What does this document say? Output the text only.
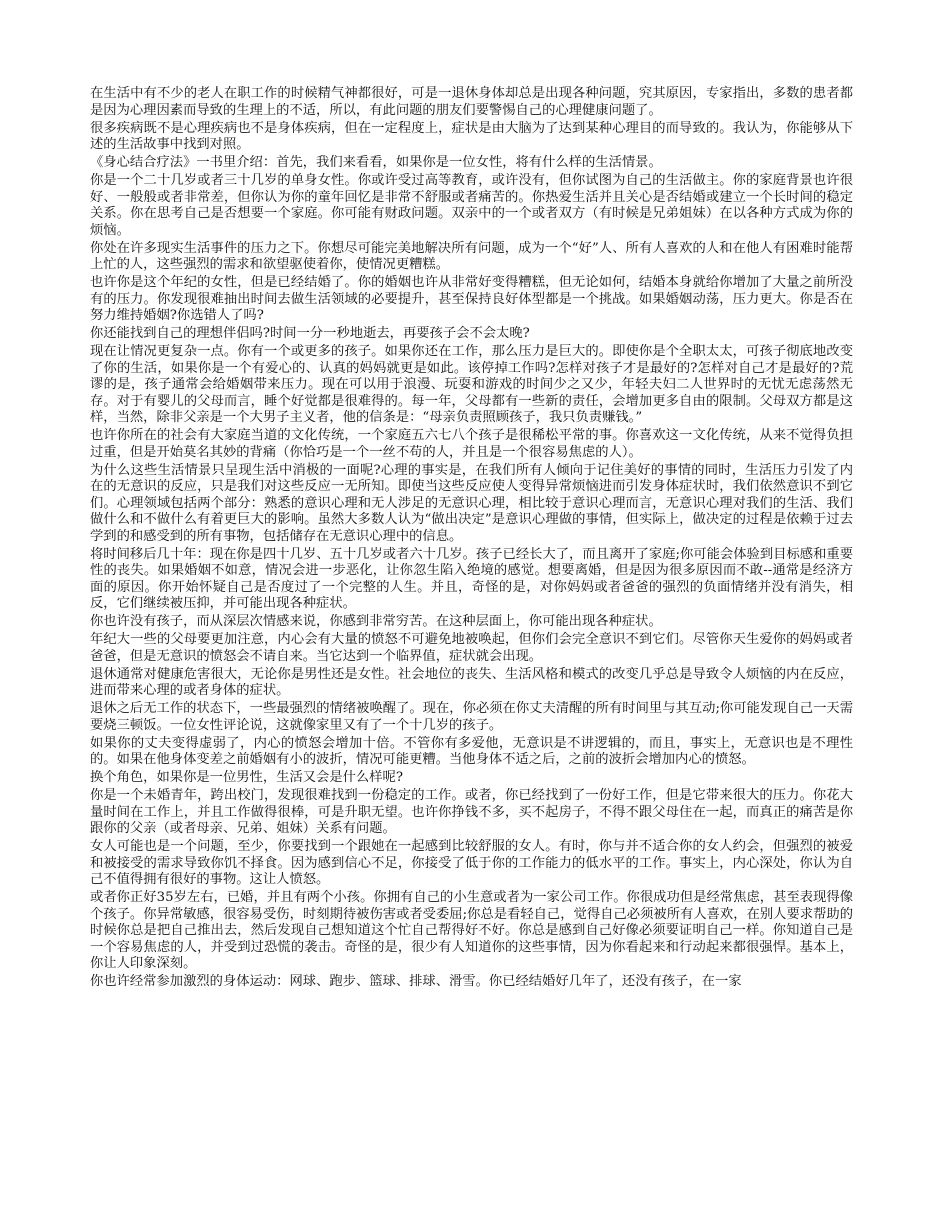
在生活中有不少的老人在职工作的时候精气神都很好，可是一退休身体却总是出现各种问题，究其原因，专家指出，多数的患者都是因为心理因素而导致的生理上的不适，所以，有此问题的朋友们要警惕自己的心理健康问题了。

很多疾病既不是心理疾病也不是身体疾病，但在一定程度上，症状是由大脑为了达到某种心理目的而导致的。我认为，你能够从下述的生活故事中找到对照。

《身心结合疗法》一书里介绍：首先，我们来看看，如果你是一位女性，将有什么样的生活情景。

你是一个二十几岁或者三十几岁的单身女性。你或许受过高等教育，或许没有，但你试图为自己的生活做主。你的家庭背景也许很好、一般般或者非常差，但你认为你的童年回忆是非常不舒服或者痛苦的。你热爱生活并且关心是否结婚或建立一个长时间的稳定关系。你在思考自己是否想要一个家庭。你可能有财政问题。双亲中的一个或者双方（有时候是兄弟姐妹）在以各种方式成为你的烦恼。

你处在许多现实生活事件的压力之下。你想尽可能完美地解决所有问题，成为一个“好”人、所有人喜欢的人和在他人有困难时能帮上忙的人，这些强烈的需求和欲望驱使着你，使情况更糟糕。

也许你是这个年纪的女性，但是已经结婚了。你的婚姻也许从非常好变得糟糕，但无论如何，结婚本身就给你增加了大量之前所没有的压力。你发现很难抽出时间去做生活领域的必要提升，甚至保持良好体型都是一个挑战。如果婚姻动荡，压力更大。你是否在努力维持婚姻?你选错人了吗?

你还能找到自己的理想伴侣吗?时间一分一秒地逝去，再要孩子会不会太晚?

现在让情况更复杂一点。你有一个或更多的孩子。如果你还在工作，那么压力是巨大的。即使你是个全职太太，可孩子彻底地改变了你的生活，如果你是一个有爱心的、认真的妈妈就更是如此。该停掉工作吗?怎样对孩子才是最好的?怎样对自己才是最好的?荒谬的是，孩子通常会给婚姻带来压力。现在可以用于浪漫、玩耍和游戏的时间少之又少，年轻夫妇二人世界时的无忧无虑荡然无存。对于有婴儿的父母而言，睡个好觉都是很难得的。每一年，父母都有一些新的责任，会增加更多自由的限制。父母双方都是这样，当然，除非父亲是一个大男子主义者，他的信条是：“母亲负责照顾孩子，我只负责赚钱。”

也许你所在的社会有大家庭当道的文化传统，一个家庭五六七八个孩子是很稀松平常的事。你喜欢这一文化传统，从来不觉得负担过重，但是开始莫名其妙的背痛（你恰巧是一个一丝不苟的人，并且是一个很容易焦虑的人）。

为什么这些生活情景只呈现生活中消极的一面呢?心理的事实是，在我们所有人倾向于记住美好的事情的同时，生活压力引发了内在的无意识的反应，只是我们对这些反应一无所知。即使当这些反应使人变得异常烦恼进而引发身体症状时，我们依然意识不到它们。心理领域包括两个部分：熟悉的意识心理和无人涉足的无意识心理，相比较于意识心理而言，无意识心理对我们的生活、我们做什么和不做什么有着更巨大的影响。虽然大多数人认为“做出决定”是意识心理做的事情，但实际上，做决定的过程是依赖于过去学到的和感受到的所有事物，包括储存在无意识心理中的信息。

将时间移后几十年：现在你是四十几岁、五十几岁或者六十几岁。孩子已经长大了，而且离开了家庭;你可能会体验到目标感和重要性的丧失。如果婚姻不如意，情况会进一步恶化，让你忽生陷入绝境的感觉。想要离婚，但是因为很多原因而不敢--通常是经济方面的原因。你开始怀疑自己是否度过了一个完整的人生。并且，奇怪的是，对你妈妈或者爸爸的强烈的负面情绪并没有消失，相反，它们继续被压抑，并可能出现各种症状。

你也许没有孩子，而从深层次情感来说，你感到非常穷苦。在这种层面上，你可能出现各种症状。

年纪大一些的父母要更加注意，内心会有大量的愤怒不可避免地被唤起，但你们会完全意识不到它们。尽管你天生爱你的妈妈或者爸爸，但是无意识的愤怒会不请自来。当它达到一个临界值，症状就会出现。

退休通常对健康危害很大，无论你是男性还是女性。社会地位的丧失、生活风格和模式的改变几乎总是导致令人烦恼的内在反应，进而带来心理的或者身体的症状。

退休之后无工作的状态下，一些最强烈的情绪被唤醒了。现在，你必须在你丈夫清醒的所有时间里与其互动;你可能发现自己一天需要烧三顿饭。一位女性评论说，这就像家里又有了一个十几岁的孩子。

如果你的丈夫变得虚弱了，内心的愤怒会增加十倍。不管你有多爱他，无意识是不讲逻辑的，而且，事实上，无意识也是不理性的。如果在他身体变差之前婚姻有小的波折，情况可能更糟。当他身体不适之后，之前的波折会增加内心的愤怒。

换个角色，如果你是一位男性，生活又会是什么样呢?

你是一个未婚青年，跨出校门，发现很难找到一份稳定的工作。或者，你已经找到了一份好工作，但是它带来很大的压力。你花大量时间在工作上，并且工作做得很棒，可是升职无望。也许你挣钱不多，买不起房子，不得不跟父母住在一起，而真正的痛苦是你跟你的父亲（或者母亲、兄弟、姐妹）关系有问题。

女人可能也是一个问题，至少，你要找到一个跟她在一起感到比较舒服的女人。有时，你与并不适合你的女人约会，但强烈的被爱和被接受的需求导致你饥不择食。因为感到信心不足，你接受了低于你的工作能力的低水平的工作。事实上，内心深处，你认为自己不值得拥有很好的事物。这让人愤怒。

或者你正好35岁左右，已婚，并且有两个小孩。你拥有自己的小生意或者为一家公司工作。你很成功但是经常焦虑，甚至表现得像个孩子。你异常敏感，很容易受伤，时刻期待被伤害或者受委屈;你总是看轻自己，觉得自己必须被所有人喜欢，在别人要求帮助的时候你总是把自己推出去，然后发现自己想知道这个忙自己帮得好不好。你总是感到自己好像必须要证明自己一样。你知道自己是一个容易焦虑的人，并受到过恐慌的袭击。奇怪的是，很少有人知道你的这些事情，因为你看起来和行动起来都很强悍。基本上，你让人印象深刻。

你也许经常参加激烈的身体运动：网球、跑步、篮球、排球、滑雪。你已经结婚好几年了，还没有孩子，在一家
